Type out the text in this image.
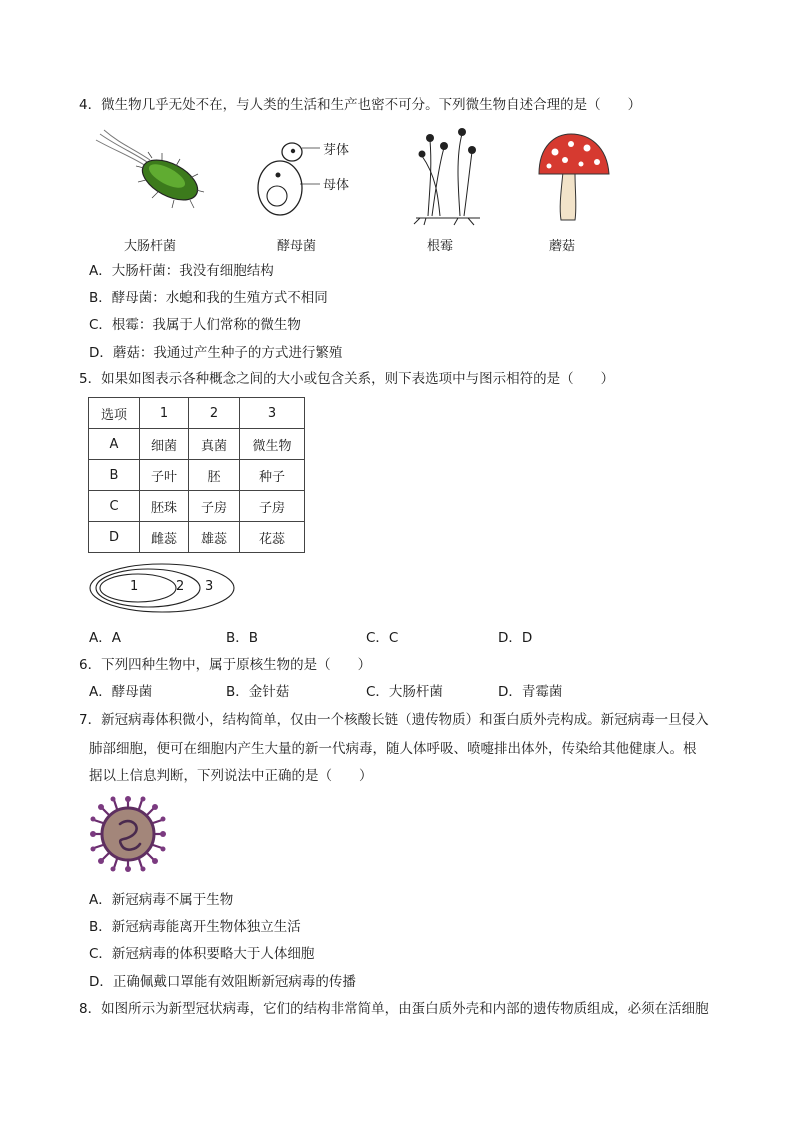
4．微生物几乎无处不在，与人类的生活和生产也密不可分。下列微生物自述合理的是（　　）
芽体
母体
大肠杆菌	酵母菌	根霉	蘑菇
A．大肠杆菌：我没有细胞结构
B．酵母菌：水螅和我的生殖方式不相同
C．根霉：我属于人们常称的微生物
D．蘑菇：我通过产生种子的方式进行繁殖
5．如果如图表示各种概念之间的大小或包含关系，则下表选项中与图示相符的是（　　）
选项	1	2	3
A	细菌	真菌	微生物
B	子叶	胚	种子
C	胚珠	子房	子房
D	雌蕊	雄蕊	花蕊
1	2 3
A．A	B．B	C．C	D．D
6．下列四种生物中，属于原核生物的是（　　）
A．酵母菌	B．金针菇	C．大肠杆菌	D．青霉菌
7．新冠病毒体积微小，结构简单，仅由一个核酸长链（遗传物质）和蛋白质外壳构成。新冠病毒一旦侵入
肺部细胞，便可在细胞内产生大量的新一代病毒，随人体呼吸、喷嚏排出体外，传染给其他健康人。根
据以上信息判断，下列说法中正确的是（　　）
A．新冠病毒不属于生物
B．新冠病毒能离开生物体独立生活
C．新冠病毒的体积要略大于人体细胞
D．正确佩戴口罩能有效阻断新冠病毒的传播
8．如图所示为新型冠状病毒，它们的结构非常简单，由蛋白质外壳和内部的遗传物质组成，必须在活细胞
